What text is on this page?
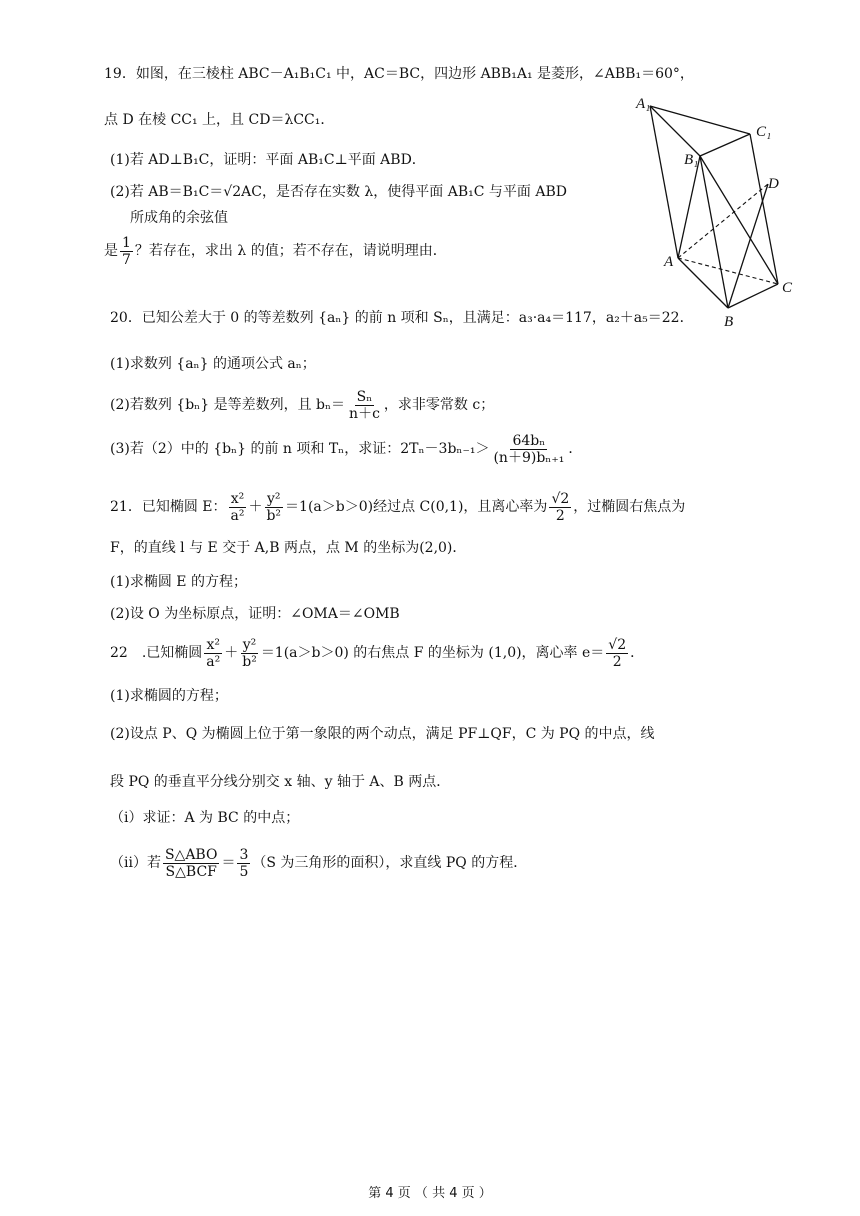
19．如图，在三棱柱 ABC－A₁B₁C₁ 中，AC＝BC，四边形 ABB₁A₁ 是菱形，∠ABB₁＝60°，
点 D 在棱 CC₁ 上，且 CD＝λCC₁．
(1)若 AD⊥B₁C，证明：平面 AB₁C⊥平面 ABD．
(2)若 AB＝B₁C＝√2AC，是否存在实数 λ，使得平面 AB₁C 与平面 ABD
所成角的余弦值
是 $\frac{1}{7}$ ？若存在，求出 λ 的值；若不存在，请说明理由．
A₁
C₁
B₁
D
A
C
B
20．已知公差大于 0 的等差数列 {aₙ} 的前 n 项和 Sₙ，且满足：a₃·a₄＝117，a₂＋a₅＝22．
(1)求数列 {aₙ} 的通项公式 aₙ；
(2)若数列 {bₙ} 是等差数列，且 $b_n= \frac{\text{Sₙ}}{n+c}$ ，求非零常数 c；
(3)若（2）中的 {bₙ} 的前 n 项和 Tₙ，求证：$2T_n-3b_{n-1}> \frac{\text{64bₙ}}{\text{(n＋9)bₙ₊₁}}$ ．
21．已知椭圆 E： $\frac{\text{x²}}{\text{a²}} + \frac{\text{y²}}{\text{b²}} =1(a>b>0)$经过点 C(0,1)，且离心率为 $\frac{√2}{2}$ ，过椭圆右焦点为
F，的直线 l 与 E 交于 A,B 两点，点 M 的坐标为(2,0)．
(1)求椭圆 E 的方程；
(2)设 O 为坐标原点，证明：∠OMA＝∠OMB
22　.已知椭圆 $\frac{\text{x²}}{\text{a²}} + \frac{\text{y²}}{\text{b²}} =1(a>b>0)$ 的右焦点 F 的坐标为 (1,0)，离心率 $e= \frac{√2}{2}$ ．
(1)求椭圆的方程；
(2)设点 P、Q 为椭圆上位于第一象限的两个动点，满足 PF⊥QF，C 为 PQ 的中点，线
段 PQ 的垂直平分线分别交 x 轴、y 轴于 A、B 两点．
（ⅰ）求证：A 为 BC 的中点；
（ⅱ）若 $\frac{\text{S△ABO}}{\text{S△BCF}} = \frac{3}{5} (S$ 为三角形的面积），求直线 PQ 的方程．
第 4 页 （ 共 4 页 ）
